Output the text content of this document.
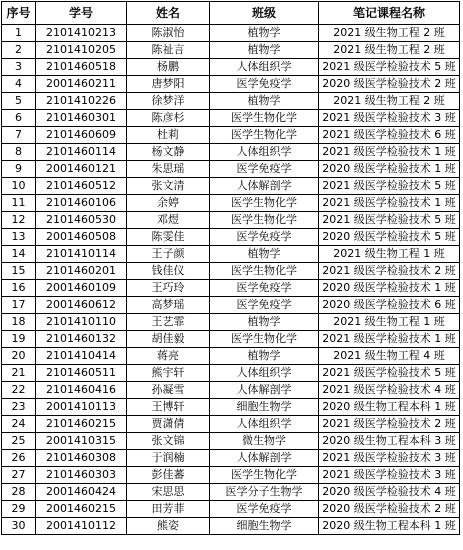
序号	学号	姓名	班级	笔记课程名称
1	2101410213	陈淑怡	植物学	2021 级生物工程 2 班
2	2101410205	陈祉言	植物学	2021 级生物工程 2 班
3	2101460518	杨鹏	人体组织学	2021 级医学检验技术 5 班
4	2001460211	唐梦阳	医学免疫学	2020 级医学检验技术 2 班
5	2101410226	徐梦洋	植物学	2021 级生物工程 2 班
6	2101460301	陈彦杉	医学生物化学	2021 级医学检验技术 3 班
7	2101460609	杜莉	医学生物化学	2021 级医学检验技术 6 班
8	2101460114	杨文静	人体组织学	2021 级医学检验技术 1 班
9	2001460121	朱思瑶	医学免疫学	2020 级医学检验技术 1 班
10	2101460512	张文清	人体解剖学	2021 级医学检验技术 5 班
11	2101460106	余婷	医学生物化学	2021 级医学检验技术 1 班
12	2101460530	邓煜	医学生物化学	2021 级医学检验技术 5 班
13	2001460508	陈雯佳	医学免疫学	2020 级医学检验技术 5 班
14	2101410114	王子颜	植物学	2021 级生物工程 1 班
15	2101460201	钱佳仪	医学生物化学	2021 级医学检验技术 2 班
16	2001460109	王巧玲	医学免疫学	2020 级医学检验技术 1 班
17	2001460612	高梦瑶	医学免疫学	2020 级医学检验技术 6 班
18	2101410110	王艺霏	植物学	2021 级生物工程 1 班
19	2101460132	胡佳毅	医学生物化学	2021 级医学检验技术 1 班
20	2101410414	蒋亮	植物学	2021 级生物工程 4 班
21	2101460511	熊宇轩	人体组织学	2021 级医学检验技术 5 班
22	2101460416	孙凝雪	人体解剖学	2021 级医学检验技术 4 班
23	2001410113	王博轩	细胞生物学	2020 级生物工程本科 1 班
24	2101460215	贾潇倩	人体组织学	2021 级医学检验技术 2 班
25	2001410315	张文锦	微生物学	2020 级生物工程本科 3 班
26	2101460308	于润楠	人体解剖学	2021 级医学检验技术 3 班
27	2101460303	彭佳蕃	医学生物化学	2021 级医学检验技术 3 班
28	2001460424	宋思思	医学分子生物学	2020 级医学检验技术 4 班
29	2001460215	田芳菲	医学免疫学	2020 级医学检验技术 2 班
30	2001410112	熊姿	细胞生物学	2020 级生物工程本科 1 班
